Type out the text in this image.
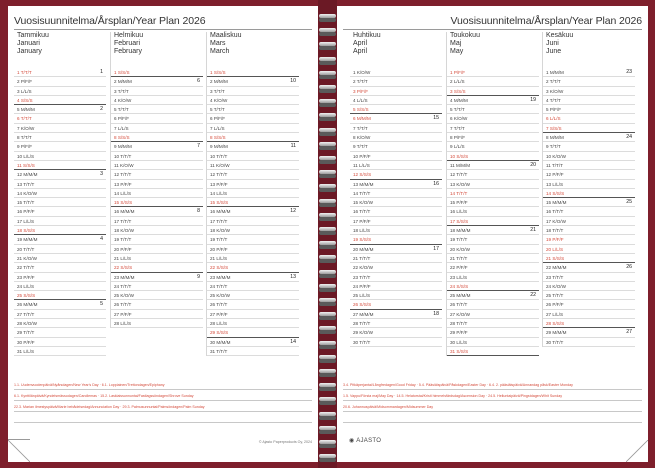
Vuosisuunnitelma/Årsplan/Year Plan 2026
Tammikuu
Januari
January
1 T/T/T	1
2 P/F/F
3 L/L/S
4 S/S/S
5 M/M/M	2
6 T/T/T
7 K/O/W
8 T/T/T
9 P/F/F
10 L/L/S
11 S/S/S
12 M/M/M	3
13 T/T/T
14 K/O/W
15 T/T/T
16 P/F/F
17 L/L/S
18 S/S/S
19 M/M/M	4
20 T/T/T
21 K/O/W
22 T/T/T
23 P/F/F
24 L/L/S
25 S/S/S
26 M/M/M	5
27 T/T/T
28 K/O/W
29 T/T/T
30 P/F/F
31 L/L/S
Helmikuu
Februari
February
1 S/S/S
2 M/M/M	6
3 T/T/T
4 K/O/W
5 T/T/T
6 P/F/F
7 L/L/S
8 S/S/S
9 M/M/M	7
10 T/T/T
11 K/O/W
12 T/T/T
13 P/F/F
14 L/L/S
15 S/S/S
16 M/M/M	8
17 T/T/T
18 K/O/W
19 T/T/T
20 P/F/F
21 L/L/S
22 S/S/S
23 M/M/M	9
24 T/T/T
25 K/O/W
26 T/T/T
27 P/F/F
28 L/L/S
Maaliskuu
Mars
March
1 S/S/S
2 M/M/M	10
3 T/T/T
4 K/O/W
5 T/T/T
6 P/F/F
7 L/L/S
8 S/S/S
9 M/M/M	11
10 T/T/T
11 K/O/W
12 T/T/T
13 P/F/F
14 L/L/S
15 S/S/S
16 M/M/M	12
17 T/T/T
18 K/O/W
19 T/T/T
20 P/F/F
21 L/L/S
22 S/S/S
23 M/M/M	13
24 T/T/T
25 K/O/W
26 T/T/T
27 P/F/F
28 L/L/S
29 S/S/S
30 M/M/M	14
31 T/T/T
1.1. Uudenvuodenpäivä/Nyårsdagen/New Year's Day · 6.1. Loppiainen/Trettondagen/Epiphany
6.1. Kynttilänpäivä/Kyndelsmässodagen/Candlemas · 15.2. Laskiaissunnuntai/Fastlagssöndagen/Shrove Sunday
22.3. Marian ilmestyspäivä/Marie bebådelsedag/Annunciation Day · 29.3. Palmusunnuntai/Palmsöndagen/Palm Sunday
© Ajasto Paperproducts Oy, 2024
Vuosisuunnitelma/Årsplan/Year Plan 2026
Huhtikuu
April
April
1 K/O/W
2 T/T/T
3 P/F/F
4 L/L/S
5 S/S/S
6 M/M/M	15
7 T/T/T
8 K/O/W
9 T/T/T
10 P/F/F
11 L/L/S
12 S/S/S
13 M/M/M	16
14 T/T/T
15 K/O/W
16 T/T/T
17 P/F/F
18 L/L/S
19 S/S/S
20 M/M/M	17
21 T/T/T
22 K/O/W
23 T/T/T
24 P/F/F
25 L/L/S
26 S/S/S
27 M/M/M	18
28 T/T/T
29 K/O/W
30 T/T/T
Toukokuu
Maj
May
1 P/F/F
2 L/L/S
3 S/S/S
4 M/M/M	19
5 T/T/T
6 K/O/W
7 T/T/T
8 P/F/F
9 L/L/S
10 S/S/S
11 M/M/M	20
12 T/T/T
13 K/O/W
14 T/T/T
15 P/F/F
16 L/L/S
17 S/S/S
18 M/M/M	21
19 T/T/T
20 K/O/W
21 T/T/T
22 P/F/F
23 L/L/S
24 S/S/S
25 M/M/M	22
26 T/T/T
27 K/O/W
28 T/T/T
29 P/F/F
30 L/L/S
31 S/S/S
Kesäkuu
Juni
June
1 M/M/M	23
2 T/T/T
3 K/O/W
4 T/T/T
5 P/F/F
6 L/L/S
7 S/S/S
8 M/M/M	24
9 T/T/T
10 K/O/W
11 T/T/T
12 P/F/F
13 L/L/S
14 S/S/S
15 M/M/M	25
16 T/T/T
17 K/O/W
18 T/T/T
19 P/F/F
20 L/L/S
21 S/S/S
22 M/M/M	26
23 T/T/T
24 K/O/W
25 T/T/T
26 P/F/F
27 L/L/S
28 S/S/S
29 M/M/M	27
30 T/T/T
3.4. Pitkäperjantai/Långfredagen/Good Friday · 5.4. Pääsiäispäivä/Påskdagen/Easter Day · 6.4. 2. pääsiäispäivä/Annandag påsk/Easter Monday
1.5. Vappu/Första maj/May Day · 14.5. Helatorstai/Kristi himmelsfärdsdag/Ascension Day · 24.5. Helluntaipäivä/Pingstdagen/Whit Sunday
20.6. Juhannuspäivä/Midsommardagen/Midsummer Day
◉ AJASTO
